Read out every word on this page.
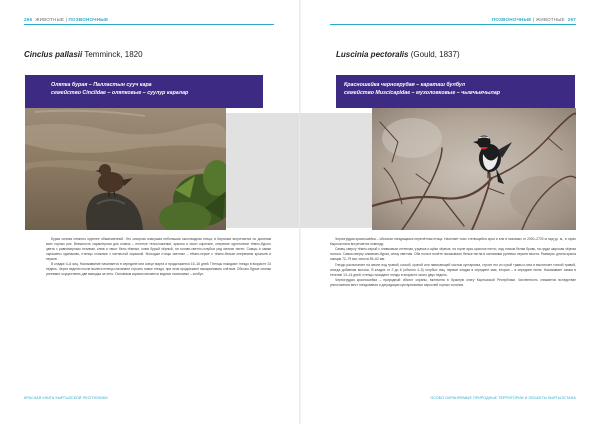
266 ЖИВОТНЫЕ | ПОЗВОНОЧНЫЕ
Cinclus pallasii Temminck, 1820
Оляпка бурая – Палластын сууч кара
семейство Cinclidae – оляпковые – суулур каралар

Бурая оляпка немного крупнее обыкновенной. Это сизоргая кнанушая небольшая околоводная птица, в Киргизии встречается по долинам всех горных рек. Внешность характерная для оляпок – плотное телосложение, крылья и хвост короткие, оперение однотонное тёмно-бурого цвета с равномерным отливом, клюв и хвост бело-тёмные, клюв бурый чёрный, на голове-светло-голубых ряд мелких пятен. Самцы и самки окрашены одинаково, птенцы сложные с пятнистой окраской. Молодые птицы светлые – тёмно-серые с тёмно-белым оперением крыльев и перьев.

В кладке 4–6 яиц. Насиживание начинается в середине или конце марта и продолжается 15–16 дней. Птенцы покидают гнездо в возрасте 24 недель. Через неделю после вылета птенцы начинают строить новое гнездо, при этом продолжают выкармливать слётков. Обычно бурые оляпки успевают осуществить две выводка за лето. Основным кормом являются водные насекомые – колбух.

КРАСНАЯ КНИГА КЫРГЫЗСКОЙ РЕСПУБЛИКИ
ПОЗВОНОЧНЫЕ | ЖИВОТНЫЕ 267
Luscinia pectoralis (Gould, 1837)
Красношейка черногрудая – караташ булбул
семейство Muscicapidae – мухоловковые – чымчыкчылар

Черногрудая красношейка – обычная гнездящаяся перелётная птица. Населяет пояс стелющейся арчи и ели в низовьях от 2000–2700 м над ур. м., в горах Кыргызстана встречается повсюду.

Самец сверху тёмно-серый с оливковым оттенком, уздечка и щёки чёрные, на горле ярко-красное пятно, над глазом белая бровь, на груди широкая чёрная полоса. Самка сверху оливково-бурая, снизу светлая. Оба пола в полёте показывают белые пятна в основании рулевых перьев хвоста. Размеры: длина крыла самцов 72–79 мм, хвоста 55–62 мм.

Гнездо располагает на земле под травой, кочкой, кроной или нависающей частью кустарника, строит его из сухой травы и мха и выстилает тонкой травой, иногда добавляя волосы. В кладке от 2 до 6 (обычно 4–5) голубых яиц, первые кладки в середине мая, вторые – в середине июня. Насиживает самка в течение 13–14 дней, птенцы покидают гнездо в возрасте около двух недель.

Черногрудая красношейка – природный объект охраны, включена в Красную книгу Кыргызской Республики. Численность снижается вследствие уничтожения мест гнездования и деградации кустарниковых зарослей горных склонов.

ОСОБО ОХРАНЯЕМЫЕ ПРИРОДНЫЕ ТЕРРИТОРИИ И ОБЪЕКТЫ КЫРГЫЗСТАНА
